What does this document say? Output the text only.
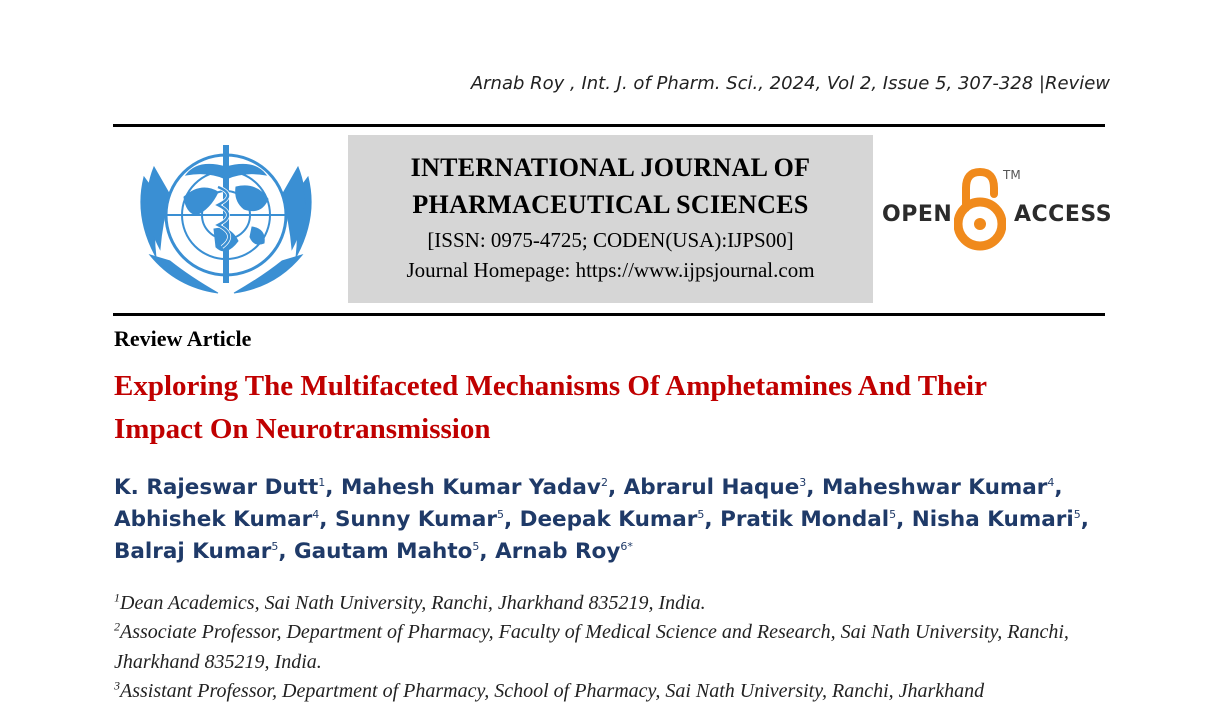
Arnab Roy , Int. J. of Pharm. Sci., 2024, Vol 2, Issue 5, 307-328 |Review
INTERNATIONAL JOURNAL OF
PHARMACEUTICAL SCIENCES
[ISSN: 0975-4725; CODEN(USA):IJPS00]
Journal Homepage: https://www.ijpsjournal.com
OPEN
TM
ACCESS
Review Article
Exploring The Multifaceted Mechanisms Of Amphetamines And Their
Impact On Neurotransmission
K. Rajeswar Dutt$^1$, Mahesh Kumar Yadav$^2$, Abrarul Haque$^3$, Maheshwar Kumar$^4$,
Abhishek Kumar$^4$, Sunny Kumar$^5$, Deepak Kumar$^5$, Pratik Mondal$^5$, Nisha Kumari$^5$,
Balraj Kumar$^5$, Gautam Mahto$^5$, Arnab Roy$^{6*}$
$^1$Dean Academics, Sai Nath University, Ranchi, Jharkhand 835219, India.
$^2$Associate Professor, Department of Pharmacy, Faculty of Medical Science and Research, Sai Nath University, Ranchi, Jharkhand 835219, India.
$^3$Assistant Professor, Department of Pharmacy, School of Pharmacy, Sai Nath University, Ranchi, Jharkhand
